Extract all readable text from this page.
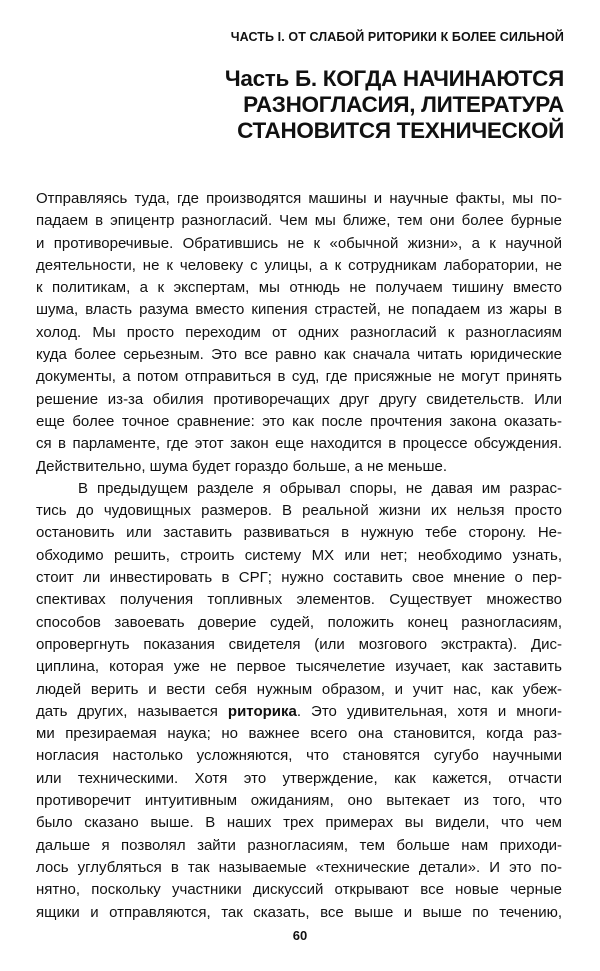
ЧАСТЬ I. ОТ СЛАБОЙ РИТОРИКИ К БОЛЕЕ СИЛЬНОЙ
Часть Б. КОГДА НАЧИНАЮТСЯ
РАЗНОГЛАСИЯ, ЛИТЕРАТУРА
СТАНОВИТСЯ ТЕХНИЧЕСКОЙ
Отправляясь туда, где производятся машины и научные факты, мы по-
падаем в эпицентр разногласий. Чем мы ближе, тем они более бурные
и противоречивые. Обратившись не к «обычной жизни», а к научной
деятельности, не к человеку с улицы, а к сотрудникам лаборатории, не
к политикам, а к экспертам, мы отнюдь не получаем тишину вместо
шума, власть разума вместо кипения страстей, не попадаем из жары в
холод. Мы просто переходим от одних разногласий к разногласиям
куда более серьезным. Это все равно как сначала читать юридические
документы, а потом отправиться в суд, где присяжные не могут принять
решение из-за обилия противоречащих друг другу свидетельств. Или
еще более точное сравнение: это как после прочтения закона оказать-
ся в парламенте, где этот закон еще находится в процессе обсуждения.
Действительно, шума будет гораздо больше, а не меньше.
В предыдущем разделе я обрывал споры, не давая им разрас-
тись до чудовищных размеров. В реальной жизни их нельзя просто
остановить или заставить развиваться в нужную тебе сторону. Не-
обходимо решить, строить систему МХ или нет; необходимо узнать,
стоит ли инвестировать в СРГ; нужно составить свое мнение о пер-
спективах получения топливных элементов. Существует множество
способов завоевать доверие судей, положить конец разногласиям,
опровергнуть показания свидетеля (или мозгового экстракта). Дис-
циплина, которая уже не первое тысячелетие изучает, как заставить
людей верить и вести себя нужным образом, и учит нас, как убеж-
дать других, называется риторика. Это удивительная, хотя и многи-
ми презираемая наука; но важнее всего она становится, когда раз-
ногласия настолько усложняются, что становятся сугубо научными
или техническими. Хотя это утверждение, как кажется, отчасти
противоречит интуитивным ожиданиям, оно вытекает из того, что
было сказано выше. В наших трех примерах вы видели, что чем
дальше я позволял зайти разногласиям, тем больше нам приходи-
лось углубляться в так называемые «технические детали». И это по-
нятно, поскольку участники дискуссий открывают все новые черные
ящики и отправляются, так сказать, все выше и выше по течению,
60
